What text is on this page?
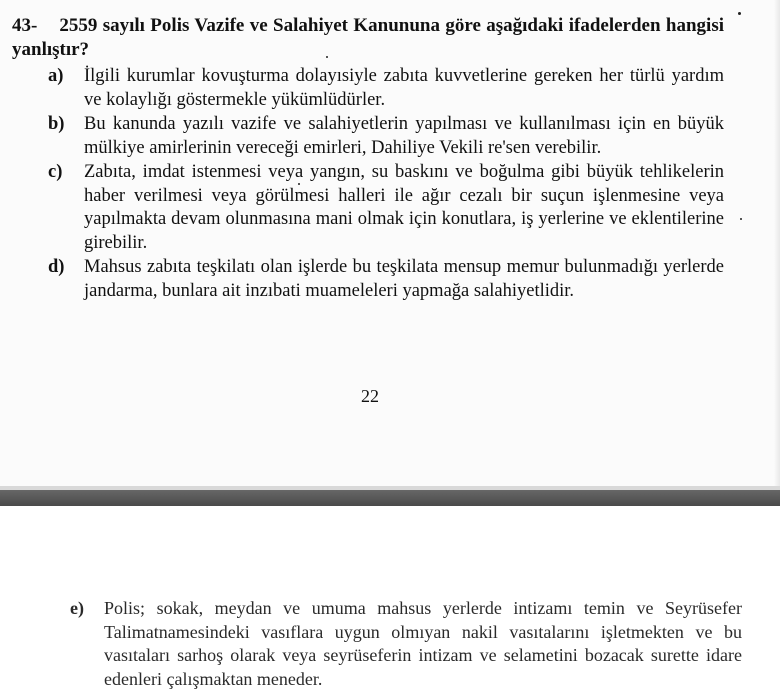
43- 2559 sayılı Polis Vazife ve Salahiyet Kanununa göre aşağıdaki ifadelerden hangisi yanlıştır?
a)	İlgili kurumlar kovuşturma dolayısiyle zabıta kuvvetlerine gereken her türlü yardım ve kolaylığı göstermekle yükümlüdürler.
b)	Bu kanunda yazılı vazife ve salahiyetlerin yapılması ve kullanılması için en büyük mülkiye amirlerinin vereceği emirleri, Dahiliye Vekili re'sen verebilir.
c)	Zabıta, imdat istenmesi veya yangın, su baskını ve boğulma gibi büyük tehlikelerin haber verilmesi veya görülmesi halleri ile ağır cezalı bir suçun işlenmesine veya yapılmakta devam olunmasına mani olmak için konutlara, iş yerlerine ve eklentilerine girebilir.
d)	Mahsus zabıta teşkilatı olan işlerde bu teşkilata mensup memur bulunmadığı yerlerde jandarma, bunlara ait inzıbati muameleleri yapmağa salahiyetlidir.
22
e)	Polis; sokak, meydan ve umuma mahsus yerlerde intizamı temin ve Seyrüsefer Talimatnamesindeki vasıflara uygun olmıyan nakil vasıtalarını işletmekten ve bu vasıtaları sarhoş olarak veya seyrüseferin intizam ve selametini bozacak surette idare edenleri çalışmaktan meneder.
